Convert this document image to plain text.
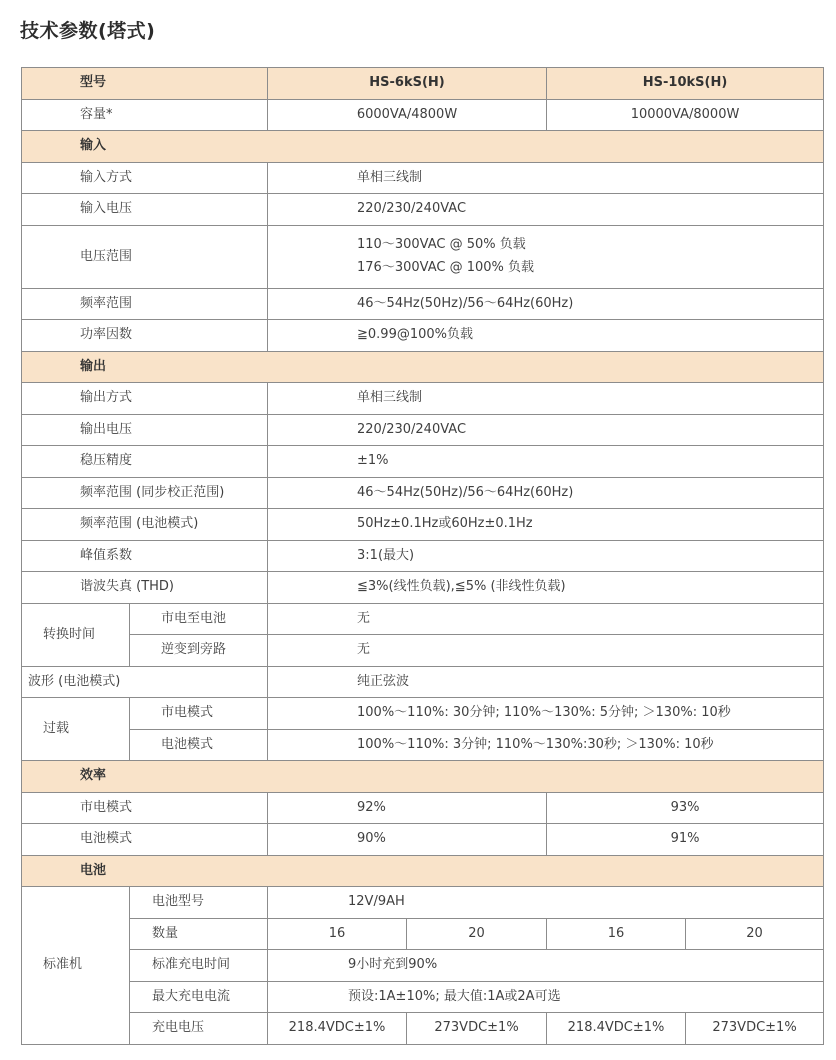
技术参数(塔式)
型号		HS-6kS(H)		HS-10kS(H)	
容量*		6000VA/4800W		10000VA/8000W	
输入					
输入方式		单相三线制			
输入电压		220/230/240VAC			
电压范围		110～300VAC @ 50% 负载
176～300VAC @ 100% 负载			

频率范围		46～54Hz(50Hz)/56～64Hz(60Hz)			
功率因数		≧0.99@100%负载			
输出					
输出方式		单相三线制			
输出电压		220/230/240VAC			
稳压精度		±1%			
频率范围 (同步校正范围)		46～54Hz(50Hz)/56～64Hz(60Hz)			
频率范围 (电池模式)		50Hz±0.1Hz或60Hz±0.1Hz			
峰值系数		3:1(最大)			
谐波失真 (THD)		≦3%(线性负载),≦5% (非线性负载)			
转换时间	市电至电池	无			
	逆变到旁路	无			
波形 (电池模式)		纯正弦波			
过载	市电模式	100%～110%: 30分钟; 110%～130%: 5分钟; ＞130%: 10秒			
	电池模式	100%～110%: 3分钟; 110%～130%:30秒; ＞130%: 10秒			
效率					
市电模式		92%		93%	
电池模式		90%		91%	
电池					
标准机	电池型号	12V/9AH			
	数量	16	20	16	20
	标准充电时间	9小时充到90%			
	最大充电电流	预设:1A±10%; 最大值:1A或2A可选			
	充电电压	218.4VDC±1%	273VDC±1%	218.4VDC±1%	273VDC±1%
